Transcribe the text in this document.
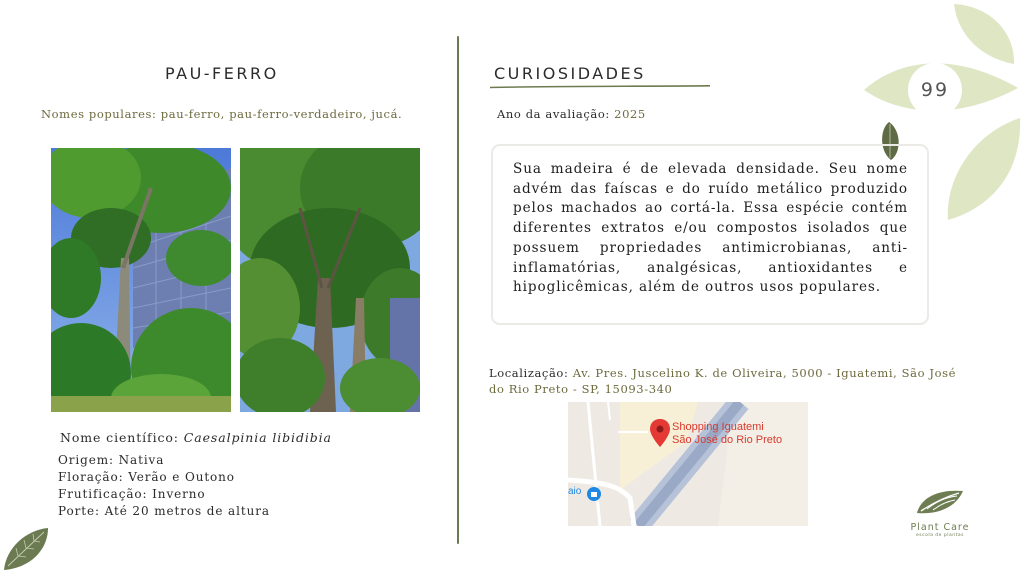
99
PAU-FERRO
Nomes populares: pau-ferro, pau-ferro-verdadeiro, jucá.
Nome científico: Caesalpinia libidibia
Origem: Nativa
Floração: Verão e Outono
Frutificação: Inverno
Porte: Até 20 metros de altura
CURIOSIDADES
Ano da avaliação: 2025

Sua madeira é de elevada densidade. Seu nome advém das faíscas e do ruído metálico produzido pelos machados ao cortá-la. Essa espécie contém diferentes extratos e/ou compostos isolados que possuem propriedades antimicrobianas, anti-inflamatórias, analgésicas, antioxidantes e hipoglicêmicas, além de outros usos populares.

Localização: Av. Pres. Juscelino K. de Oliveira, 5000 - Iguatemi, São José
do Rio Preto - SP, 15093-340
Shopping Iguatemi
São José do Rio Preto
aio
Plant Care
escola de plantas
